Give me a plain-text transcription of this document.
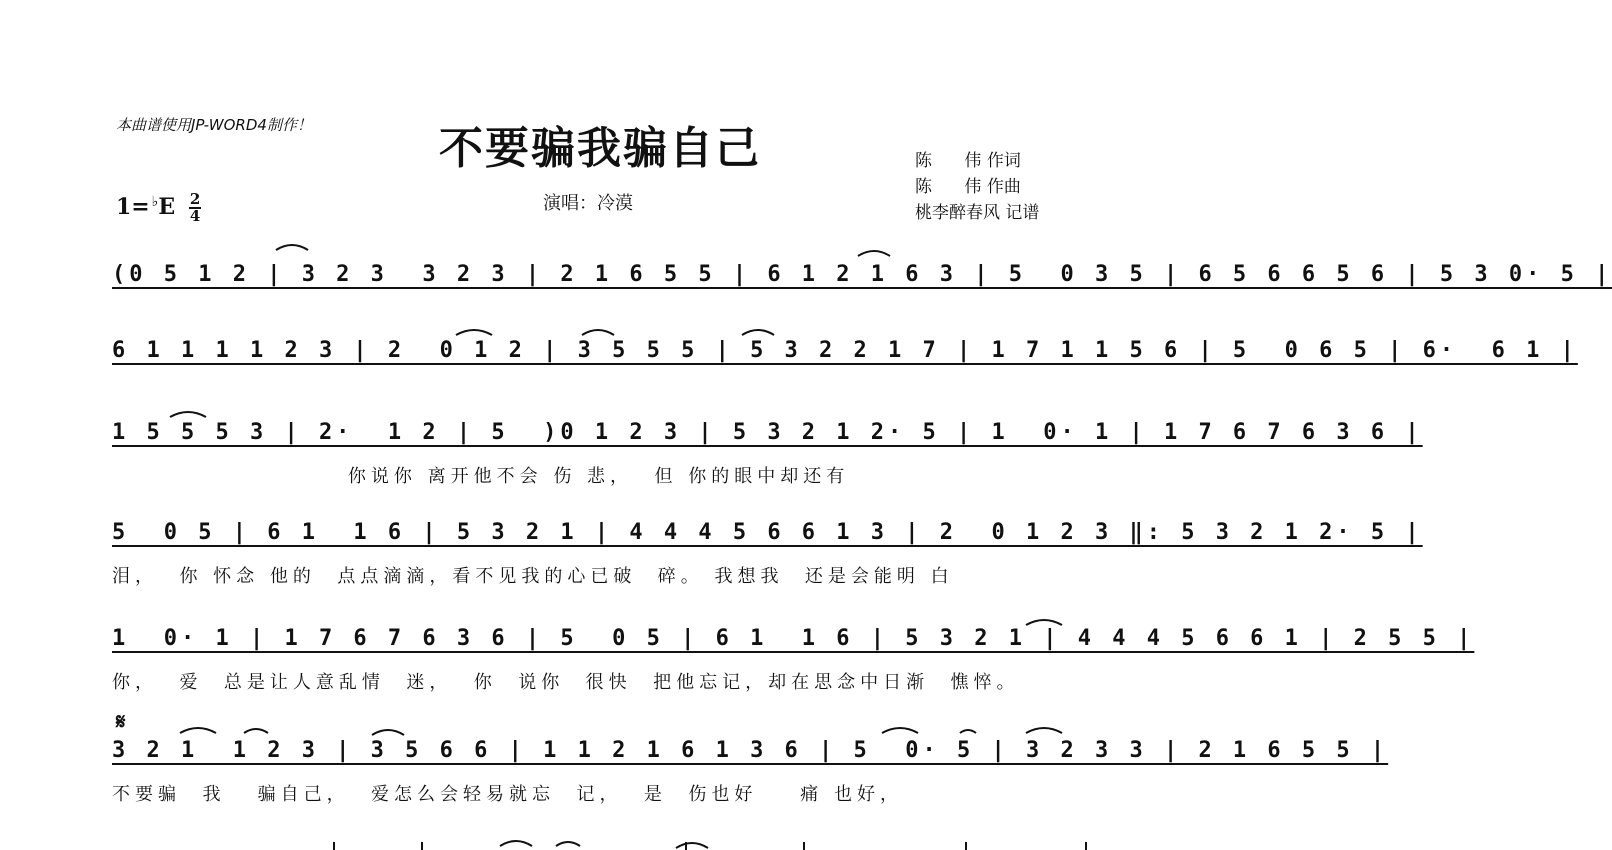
本曲谱使用JP-WORD4制作！	不要骗我骗自己	陈      伟 作词
陈      伟 作曲
桃李醉春风 记谱
$1= ^♭E \frac{2}{4}$	演唱：冷漠
(0 5 1 2 | 3 2 3  3 2 3 | 2 1 6 5 5 | 6 1 2 1 6 3 | 5  0 3 5 | 6 5 6 6 5 6 | 5 3 0· 5 |
6 1 1 1 1 2 3 | 2  0 1 2 | 3 5 5 5 | 5 3 2 2 1 7 | 1 7 1 1 5 6 | 5  0 6 5 | 6·  6 1 |
1 5 5 5 3 | 2·  1 2 | 5  )0 1 2 3 | 5 3 2 1 2· 5 | 1  0· 1 | 1 7 6 7 6 3 6 |
你说你 离开他不会 伤 悲，  但 你的眼中却还有
5  0 5 | 6 1  1 6 | 5 3 2 1 | 4 4 4 5 6 6 1 3 | 2  0 1 2 3 ‖: 5 3 2 1 2· 5 |
泪，  你 怀念 他的  点点滴滴，看不见我的心已破  碎。 我想我  还是会能明 白
1  0· 1 | 1 7 6 7 6 3 6 | 5  0 5 | 6 1  1 6 | 5 3 2 1 | 4 4 4 5 6 6 1 | 2 5 5 |
你，  爱  总是让人意乱情  迷，  你  说你  很快  把他忘记，却在思念中日渐  憔悴。
𝄋
3 2 1  1 2 3 | 3 5 6 6 | 1 1 2 1 6 1 3 6 | 5  0· 5 | 3 2 3 3 | 2 1 6 5 5 |
不要骗  我   骗自己，  爱怎么会轻易就忘  记，  是  伤也好    痛 也好，
